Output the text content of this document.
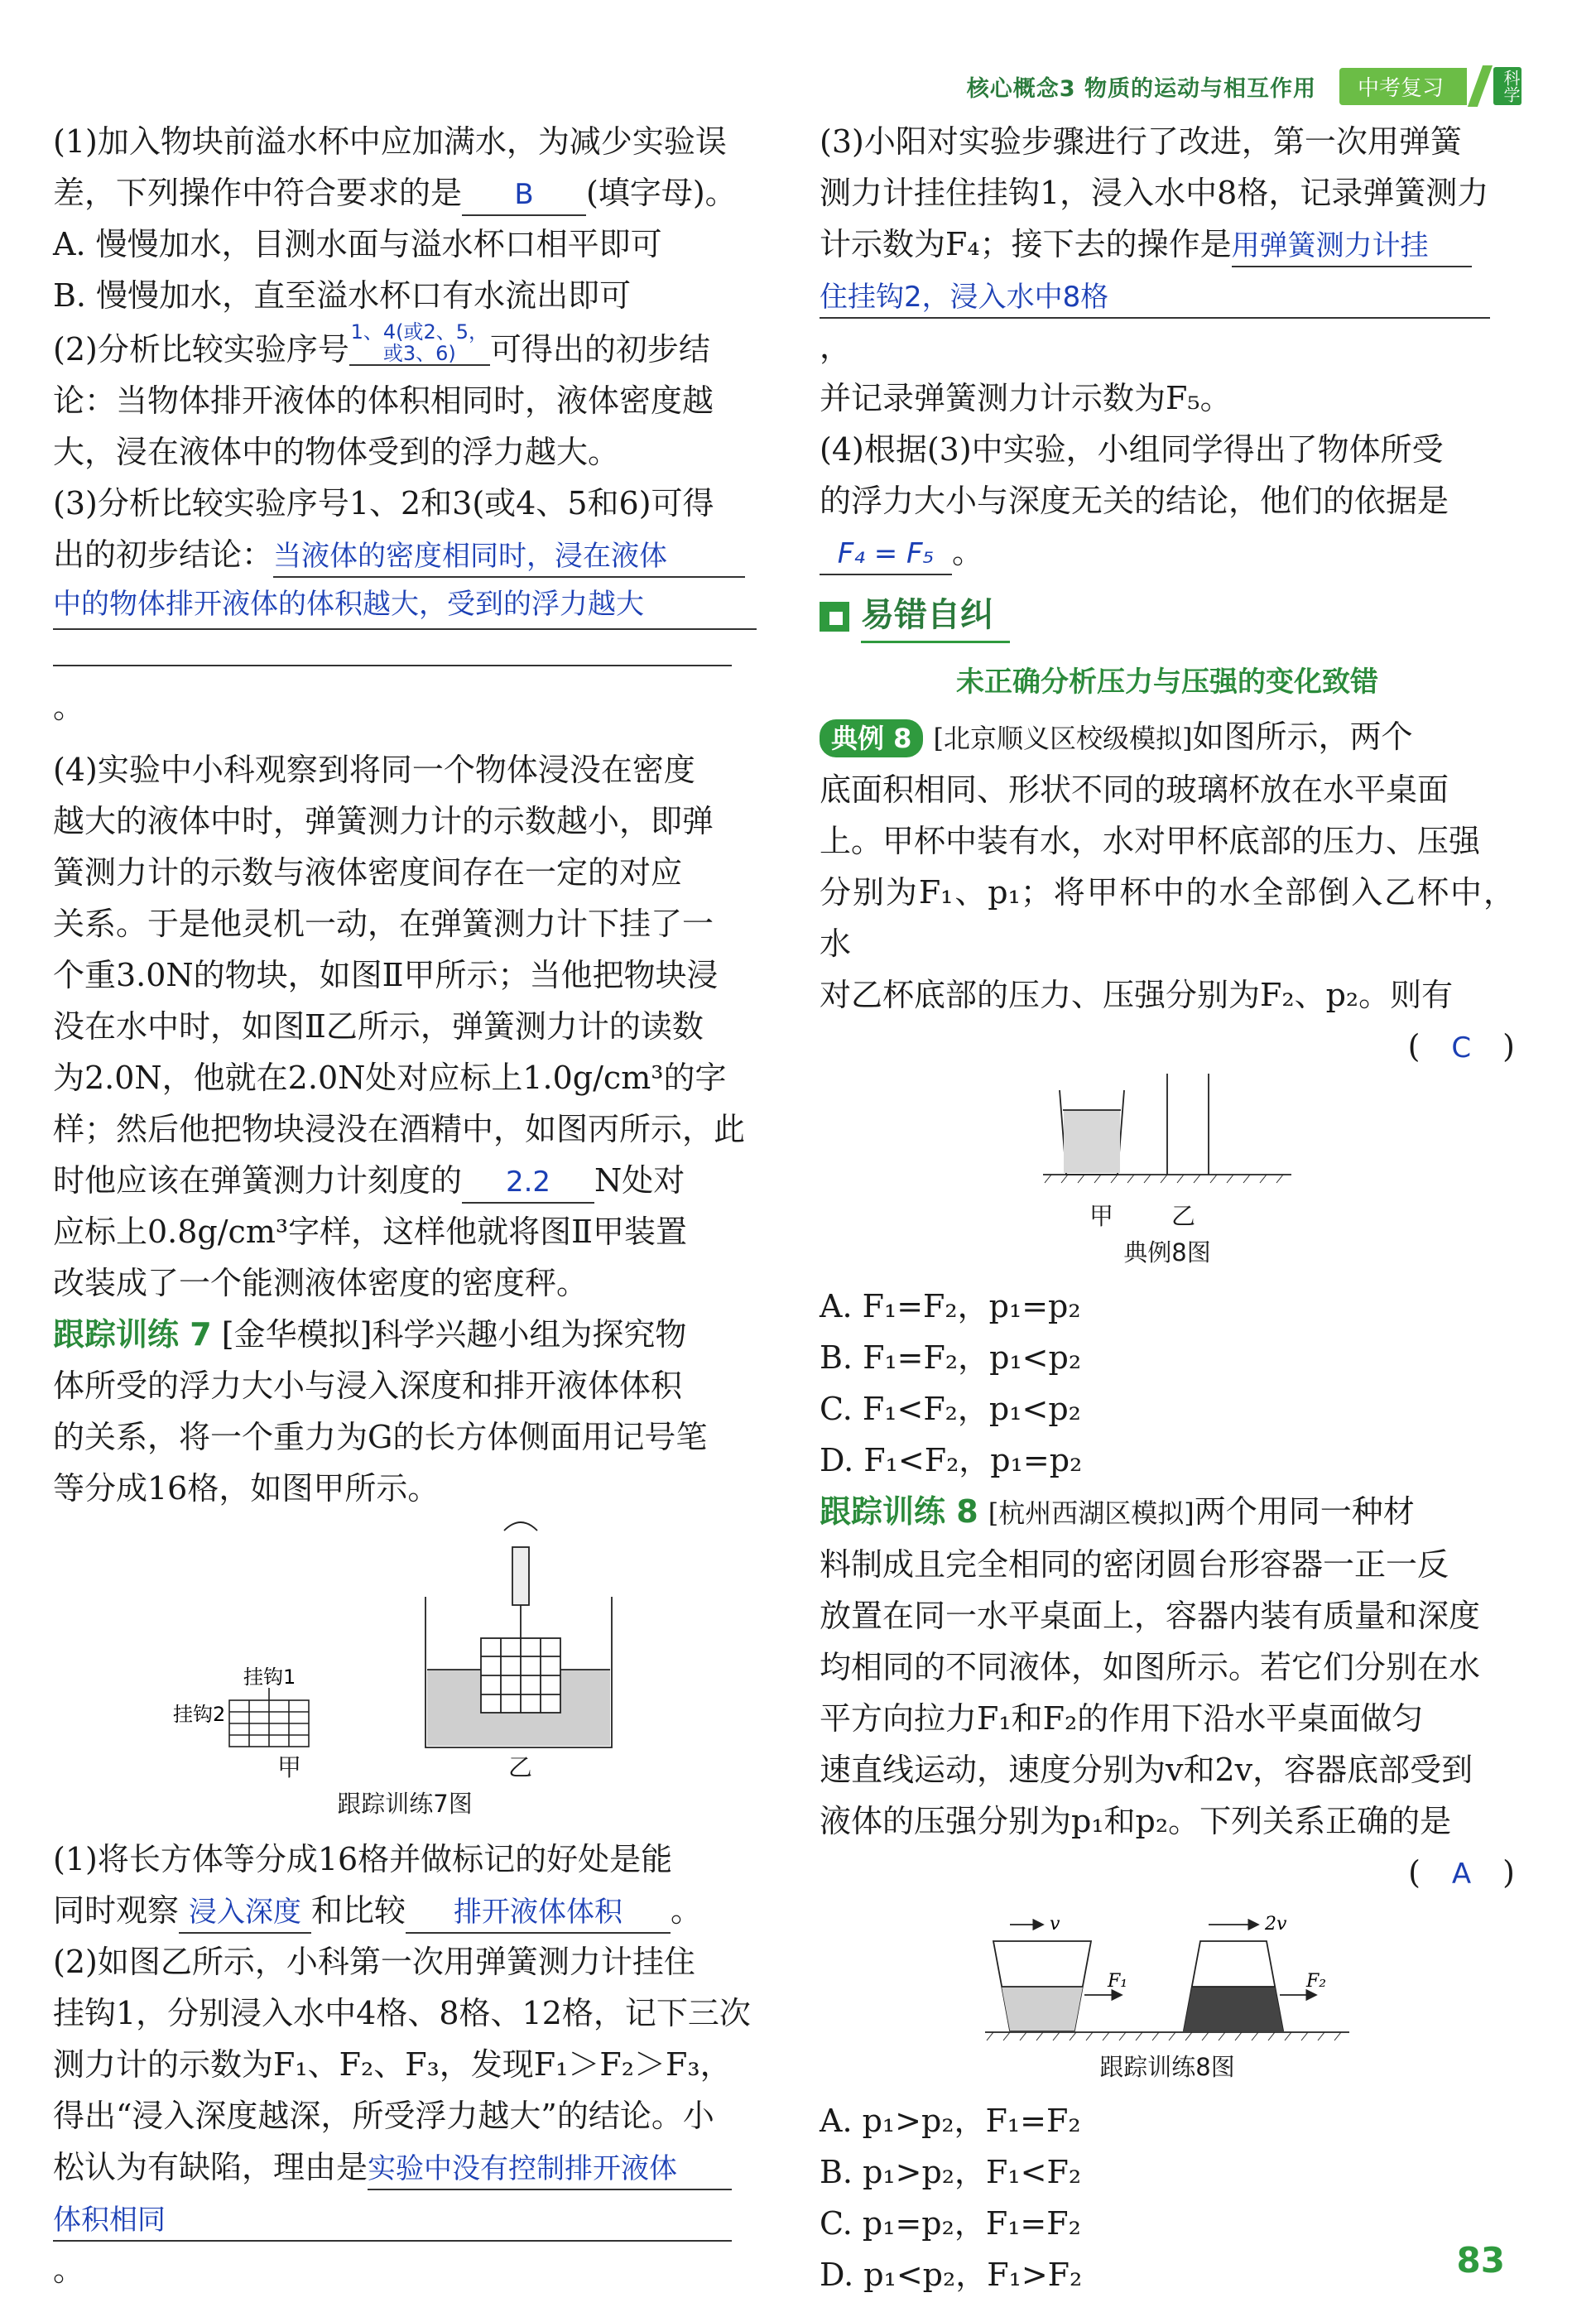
核心概念3 物质的运动与相互作用	中考复习	科学

(1)加入物块前溢水杯中应加满水，为减少实验误

差，下列操作中符合要求的是 B (填字母)。

A. 慢慢加水，目测水面与溢水杯口相平即可

B. 慢慢加水，直至溢水杯口有水流出即可

(2)分析比较实验序号1、4(或2、5，或3、6) 可得出的初步结

论：当物体排开液体的体积相同时，液体密度越

大，浸在液体中的物体受到的浮力越大。

(3)分析比较实验序号1、2和3(或4、5和6)可得

出的初步结论：当液体的密度相同时，浸在液体

中的物体排开液体的体积越大，受到的浮力越大

。

(4)实验中小科观察到将同一个物体浸没在密度

越大的液体中时，弹簧测力计的示数越小，即弹

簧测力计的示数与液体密度间存在一定的对应

关系。于是他灵机一动，在弹簧测力计下挂了一

个重3.0N的物块，如图Ⅱ甲所示；当他把物块浸

没在水中时，如图Ⅱ乙所示，弹簧测力计的读数

为2.0N，他就在2.0N处对应标上1.0g/cm³的字

样；然后他把物块浸没在酒精中，如图丙所示，此

时他应该在弹簧测力计刻度的 2.2 N处对

应标上0.8g/cm³字样，这样他就将图Ⅱ甲装置

改装成了一个能测液体密度的密度秤。

跟踪训练 7 [金华模拟]科学兴趣小组为探究物

体所受的浮力大小与浸入深度和排开液体体积

的关系，将一个重力为G的长方体侧面用记号笔

等分成16格，如图甲所示。

挂钩1
挂钩2
甲	乙
跟踪训练7图

(1)将长方体等分成16格并做标记的好处是能

同时观察 浸入深度 和比较 排开液体体积 。

(2)如图乙所示，小科第一次用弹簧测力计挂住

挂钩1，分别浸入水中4格、8格、12格，记下三次

测力计的示数为F₁、F₂、F₃，发现F₁＞F₂＞F₃，

得出“浸入深度越深，所受浮力越大”的结论。小

松认为有缺陷，理由是实验中没有控制排开液体

体积相同。

(3)小阳对实验步骤进行了改进，第一次用弹簧

测力计挂住挂钩1，浸入水中8格，记录弹簧测力

计示数为F₄；接下去的操作是用弹簧测力计挂

住挂钩2，浸入水中8格，

并记录弹簧测力计示数为F₅。

(4)根据(3)中实验，小组同学得出了物体所受

的浮力大小与深度无关的结论，他们的依据是

F₄ = F₅ 。

易错自纠
未正确分析压力与压强的变化致错

典例 8 [北京顺义区校级模拟]如图所示，两个

底面积相同、形状不同的玻璃杯放在水平桌面

上。甲杯中装有水，水对甲杯底部的压力、压强

分别为F₁、p₁；将甲杯中的水全部倒入乙杯中，水

对乙杯底部的压力、压强分别为F₂、p₂。则有

(　C　)

甲 乙
典例8图

A. F₁=F₂，p₁=p₂

B. F₁=F₂，p₁<p₂

C. F₁<F₂，p₁<p₂

D. F₁<F₂，p₁=p₂

跟踪训练 8 [杭州西湖区模拟]两个用同一种材

料制成且完全相同的密闭圆台形容器一正一反

放置在同一水平桌面上，容器内装有质量和深度

均相同的不同液体，如图所示。若它们分别在水

平方向拉力F₁和F₂的作用下沿水平桌面做匀

速直线运动，速度分别为v和2v，容器底部受到

液体的压强分别为p₁和p₂。下列关系正确的是

(　A　)

v	2v
F₁	F₂
跟踪训练8图

A. p₁>p₂，F₁=F₂

B. p₁>p₂，F₁<F₂

C. p₁=p₂，F₁=F₂

D. p₁<p₂，F₁>F₂	83
